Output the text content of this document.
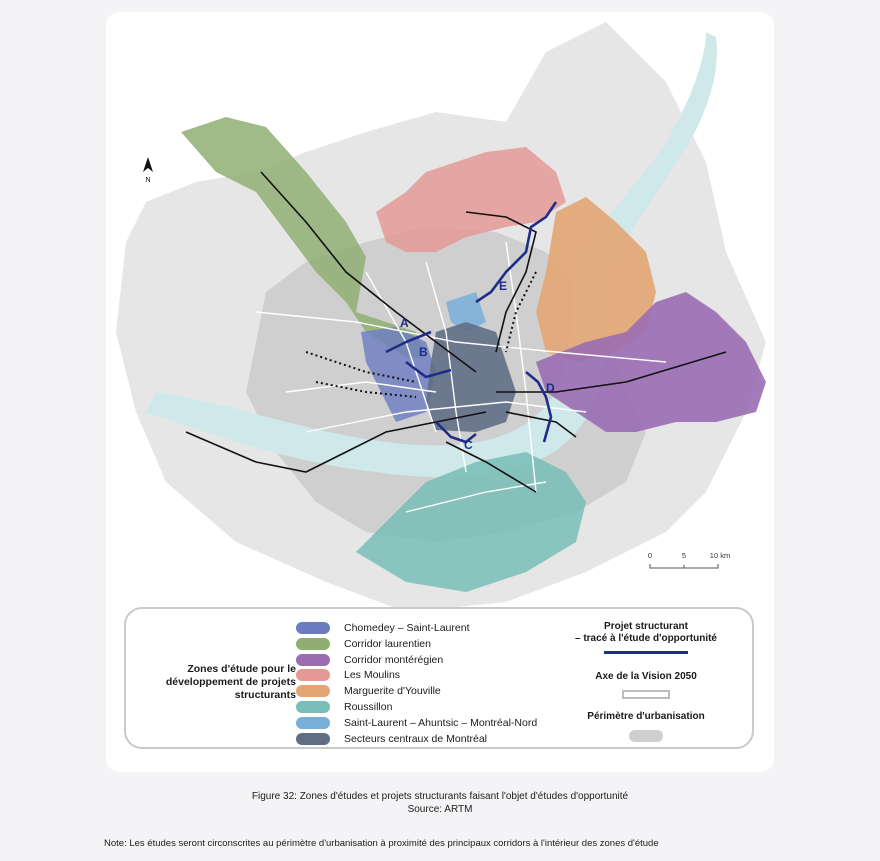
A
B
C
D
E
N
0	5	10 km
Zones d'étude pour le développement de projets structurants
Chomedey – Saint-Laurent
Corridor laurentien
Corridor montérégien
Les Moulins
Marguerite d'Youville
Roussillon
Saint-Laurent – Ahuntsic – Montréal-Nord
Secteurs centraux de Montréal
Projet structurant
– tracé à l'étude d'opportunité
Axe de la Vision 2050
Périmètre d'urbanisation
Figure 32: Zones d'études et projets structurants faisant l'objet d'études d'opportunité
Source: ARTM
Note: Les études seront circonscrites au périmètre d'urbanisation à proximité des principaux corridors à l'intérieur des zones d'étude
